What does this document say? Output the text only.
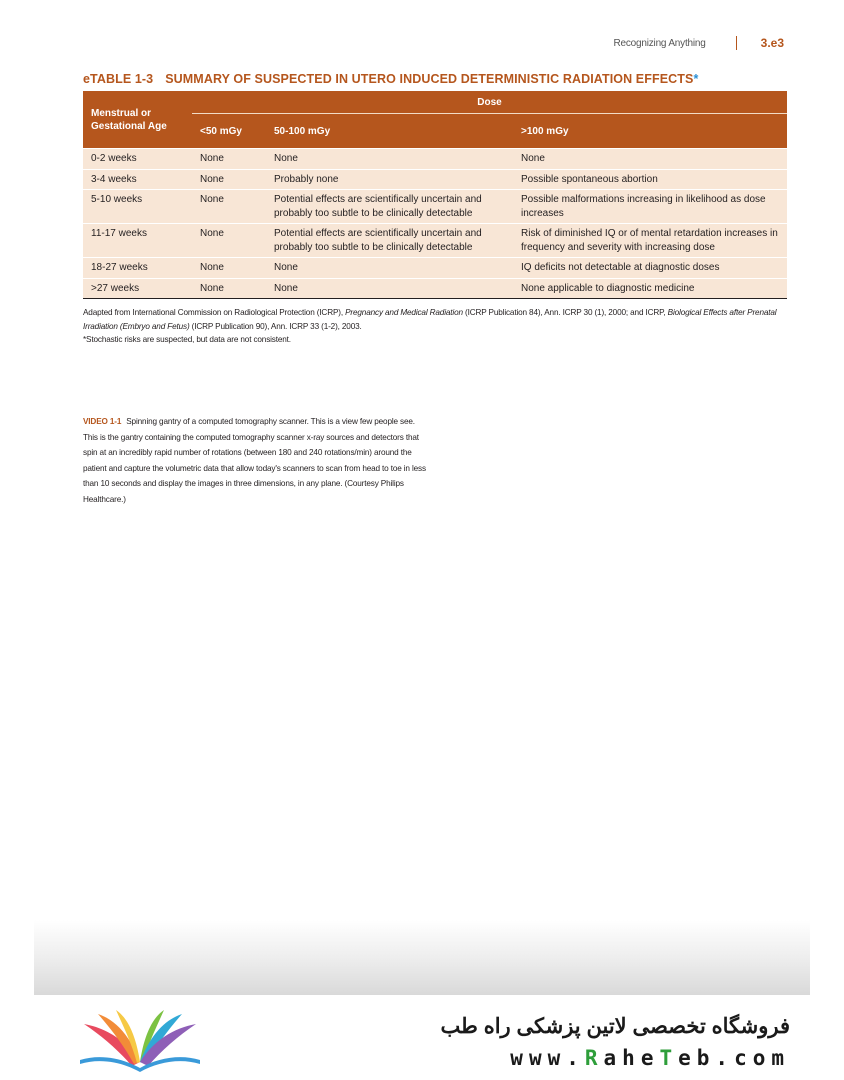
Recognizing Anything	3.e3
eTABLE 1-3 SUMMARY OF SUSPECTED IN UTERO INDUCED DETERMINISTIC RADIATION EFFECTS*
Menstrual or Gestational Age	Dose		
	<50 mGy	50-100 mGy	>100 mGy
0-2 weeks	None	None	None
3-4 weeks	None	Probably none	Possible spontaneous abortion
5-10 weeks	None	Potential effects are scientifically uncertain and probably too subtle to be clinically detectable	Possible malformations increasing in likelihood as dose increases
11-17 weeks	None	Potential effects are scientifically uncertain and probably too subtle to be clinically detectable	Risk of diminished IQ or of mental retardation increases in frequency and severity with increasing dose
18-27 weeks	None	None	IQ deficits not detectable at diagnostic doses
>27 weeks	None	None	None applicable to diagnostic medicine

Adapted from International Commission on Radiological Protection (ICRP), Pregnancy and Medical Radiation (ICRP Publication 84), Ann. ICRP 30 (1), 2000; and ICRP, Biological Effects after Prenatal Irradiation (Embryo and Fetus) (ICRP Publication 90), Ann. ICRP 33 (1-2), 2003.

*Stochastic risks are suspected, but data are not consistent.

VIDEO 1-1 Spinning gantry of a computed tomography scanner. This is a view few people see. This is the gantry containing the computed tomography scanner x-ray sources and detectors that spin at an incredibly rapid number of rotations (between 180 and 240 rotations/min) around the patient and capture the volumetric data that allow today's scanners to scan from head to toe in less than 10 seconds and display the images in three dimensions, in any plane. (Courtesy Philips Healthcare.)
فروشگاه تخصصی لاتین پزشکی راه طب
www.RaheTeb.com
